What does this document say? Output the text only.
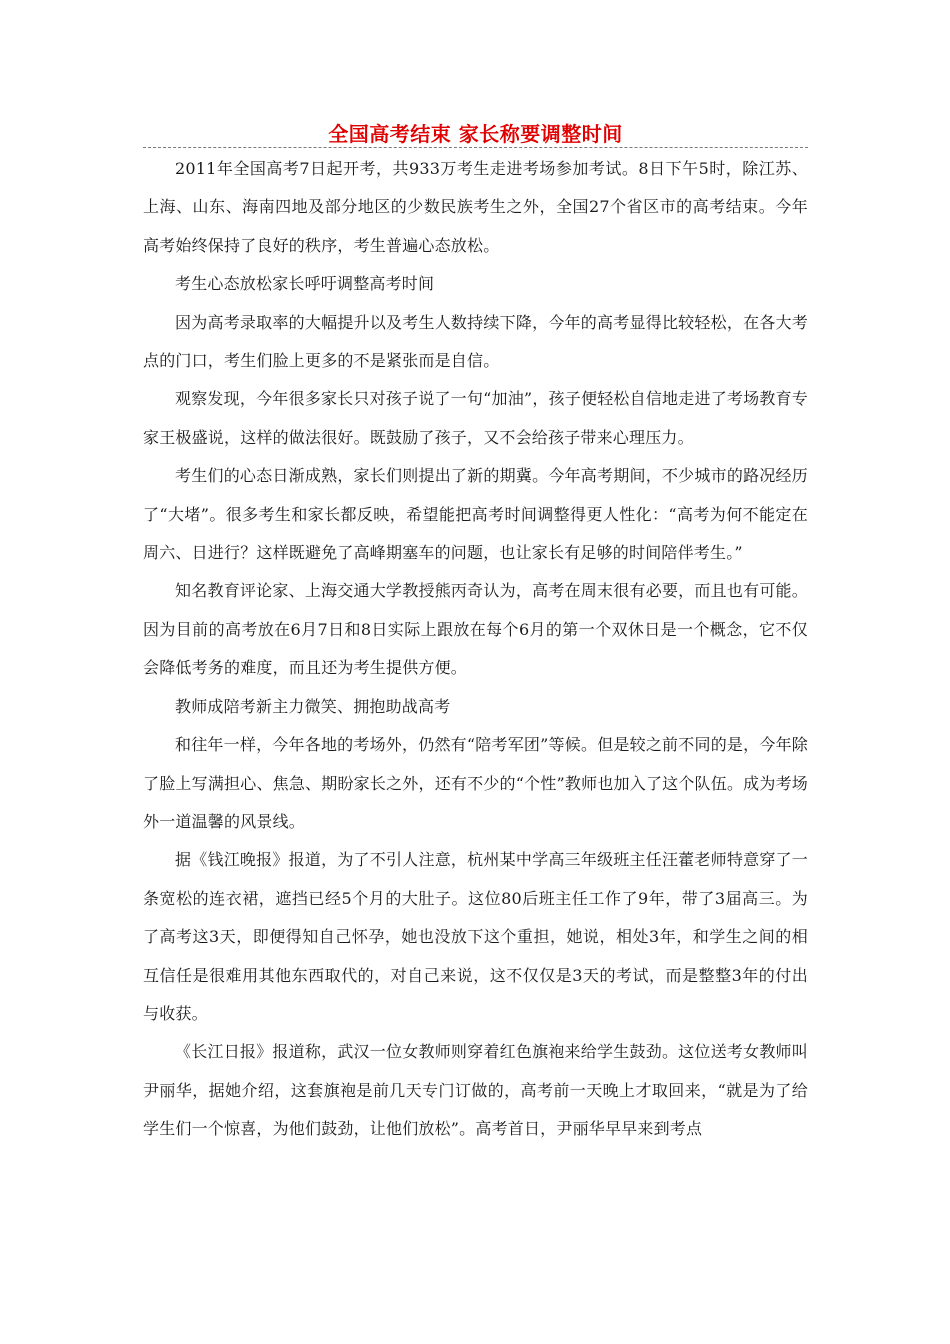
全国高考结束 家长称要调整时间

2011年全国高考7日起开考，共933万考生走进考场参加考试。8日下午5时，除江苏、上海、山东、海南四地及部分地区的少数民族考生之外，全国27个省区市的高考结束。今年高考始终保持了良好的秩序，考生普遍心态放松。

考生心态放松家长呼吁调整高考时间

因为高考录取率的大幅提升以及考生人数持续下降，今年的高考显得比较轻松，在各大考点的门口，考生们脸上更多的不是紧张而是自信。

观察发现，今年很多家长只对孩子说了一句“加油”，孩子便轻松自信地走进了考场教育专家王极盛说，这样的做法很好。既鼓励了孩子，又不会给孩子带来心理压力。

考生们的心态日渐成熟，家长们则提出了新的期冀。今年高考期间，不少城市的路况经历了“大堵”。很多考生和家长都反映，希望能把高考时间调整得更人性化：“高考为何不能定在周六、日进行？这样既避免了高峰期塞车的问题，也让家长有足够的时间陪伴考生。”

知名教育评论家、上海交通大学教授熊丙奇认为，高考在周末很有必要，而且也有可能。因为目前的高考放在6月7日和8日实际上跟放在每个6月的第一个双休日是一个概念，它不仅会降低考务的难度，而且还为考生提供方便。

教师成陪考新主力微笑、拥抱助战高考

和往年一样，今年各地的考场外，仍然有“陪考军团”等候。但是较之前不同的是，今年除了脸上写满担心、焦急、期盼家长之外，还有不少的“个性”教师也加入了这个队伍。成为考场外一道温馨的风景线。

据《钱江晚报》报道，为了不引人注意，杭州某中学高三年级班主任汪藿老师特意穿了一条宽松的连衣裙，遮挡已经5个月的大肚子。这位80后班主任工作了9年，带了3届高三。为了高考这3天，即便得知自己怀孕，她也没放下这个重担，她说，相处3年，和学生之间的相互信任是很难用其他东西取代的，对自己来说，这不仅仅是3天的考试，而是整整3年的付出与收获。

《长江日报》报道称，武汉一位女教师则穿着红色旗袍来给学生鼓劲。这位送考女教师叫尹丽华，据她介绍，这套旗袍是前几天专门订做的，高考前一天晚上才取回来，“就是为了给学生们一个惊喜，为他们鼓劲，让他们放松”。高考首日，尹丽华早早来到考点
